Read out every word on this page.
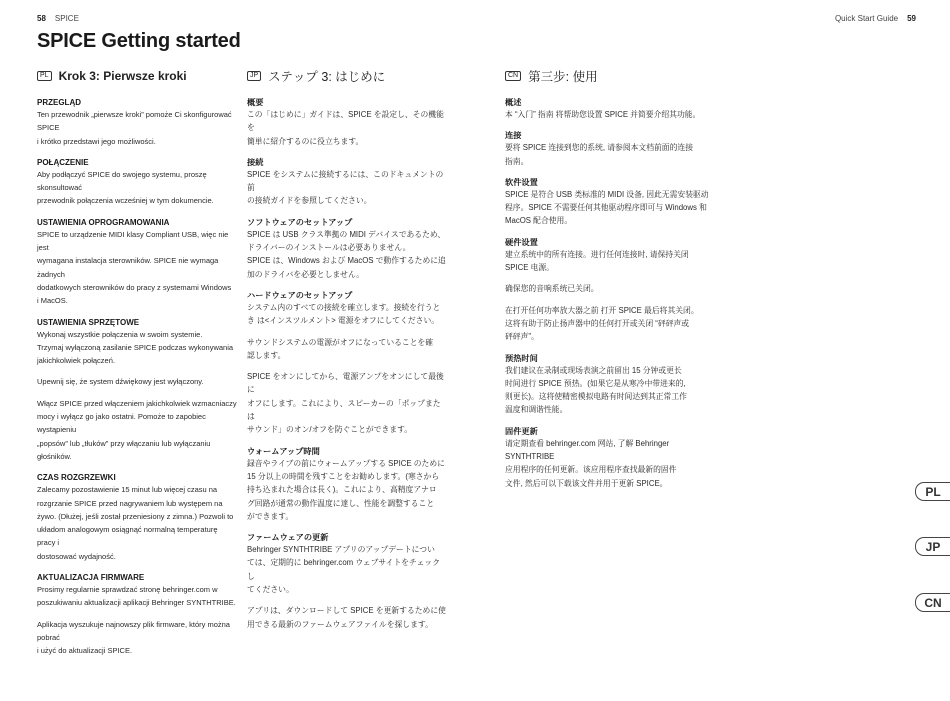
58 SPICE	Quick Start Guide 59
SPICE Getting started
PL Krok 3: Pierwsze kroki
PRZEGLĄD

Ten przewodnik „pierwsze kroki” pomoże Ci skonfigurować SPICE
i krótko przedstawi jego możliwości.

POŁĄCZENIE

Aby podłączyć SPICE do swojego systemu, proszę skonsultować
przewodnik połączenia wcześniej w tym dokumencie.

USTAWIENIA OPROGRAMOWANIA

SPICE to urządzenie MIDI klasy Compliant USB, więc nie jest
wymagana instalacja sterowników. SPICE nie wymaga żadnych
dodatkowych sterowników do pracy z systemami Windows
i MacOS.

USTAWIENIA SPRZĘTOWE

Wykonaj wszystkie połączenia w swoim systemie.
Trzymaj wyłączoną zasilanie SPICE podczas wykonywania
jakichkolwiek połączeń.

Upewnij się, że system dźwiękowy jest wyłączony.

Włącz SPICE przed włączeniem jakichkolwiek wzmacniaczy
mocy i wyłącz go jako ostatni. Pomoże to zapobiec wystąpieniu
„popsów” lub „tłuków” przy włączaniu lub wyłączaniu głośników.

CZAS ROZGRZEWKI

Zalecamy pozostawienie 15 minut lub więcej czasu na
rozgrzanie SPICE przed nagrywaniem lub występem na
żywo. (Dłużej, jeśli został przeniesiony z zimna.) Pozwoli to
układom analogowym osiągnąć normalną temperaturę pracy i
dostosować wydajność.

AKTUALIZACJA FIRMWARE

Prosimy regularnie sprawdzać stronę behringer.com w
poszukiwaniu aktualizacji aplikacji Behringer SYNTHTRIBE.

Aplikacja wyszukuje najnowszy plik firmware, który można pobrać
i użyć do aktualizacji SPICE.

JP ステップ 3: はじめに
概要

この「はじめに」ガイドは、SPICE を設定し、その機能を
簡単に紹介するのに役立ちます。

接続

SPICE をシステムに接続するには、このドキュメントの前
の接続ガイドを参照してください。

ソフトウェアのセットアップ

SPICE は USB クラス準拠の MIDI デバイスであるため、
ドライバーのインストールは必要ありません。
SPICE は、Windows および MacOS で動作するために追
加のドライバを必要としません。

ハードウェアのセットアップ

システム内のすべての接続を確立します。接続を行うと
き は<インスツルメント> 電源をオフにしてください。

サウンドシステムの電源がオフになっていることを確
認します。

SPICE をオンにしてから、電源アンプをオンにして最後に
オフにします。これにより、スピーカーの「ポップまたは
サウンド」のオン/オフを防ぐことができます。

ウォームアップ時間

録音やライブの前にウォームアップする SPICE のために
15 分以上の時間を残すことをお勧めします。(寒さから
持ち込まれた場合は長く)。これにより、高精度アナロ
グ回路が通常の動作温度に達し、性能を調整すること
ができます。

ファームウェアの更新

Behringer SYNTHTRIBE アプリのアップデートについ
ては、定期的に behringer.com ウェブサイトをチェックし
てください。

アプリは、ダウンロードして SPICE を更新するために使
用できる最新のファームウェアファイルを探します。

CN 第三步: 使用
概述

本 “入门” 指南 将帮助您设置 SPICE 并简要介绍其功能。

连接

要将 SPICE 连接到您的系统, 请参阅本文档前面的连接
指南。

软件设置

SPICE 是符合 USB 类标准的 MIDI 设备, 因此无需安装驱动
程序。SPICE 不需要任何其他驱动程序即可与 Windows 和
MacOS 配合使用。

硬件设置

建立系统中的所有连接。进行任何连接时, 请保持关闭
SPICE 电源。

确保您的音响系统已关闭。

在打开任何功率放大器之前 打开 SPICE 最后将其关闭。
这将有助于防止扬声器中的任何打开或关闭 “砰砰声或
砰砰声”。

预热时间

我们建议在录制或现场表演之前留出 15 分钟或更长
时间进行 SPICE 预热。(如果它是从寒冷中带进来的,
则更长)。这将使精密模拟电路有时间达到其正常工作
温度和调谐性能。

固件更新

请定期查看 behringer.com 网站, 了解 Behringer SYNTHTRIBE
应用程序的任何更新。该应用程序查找最新的固件
文件, 然后可以下载该文件并用于更新 SPICE。

PL
JP
CN
